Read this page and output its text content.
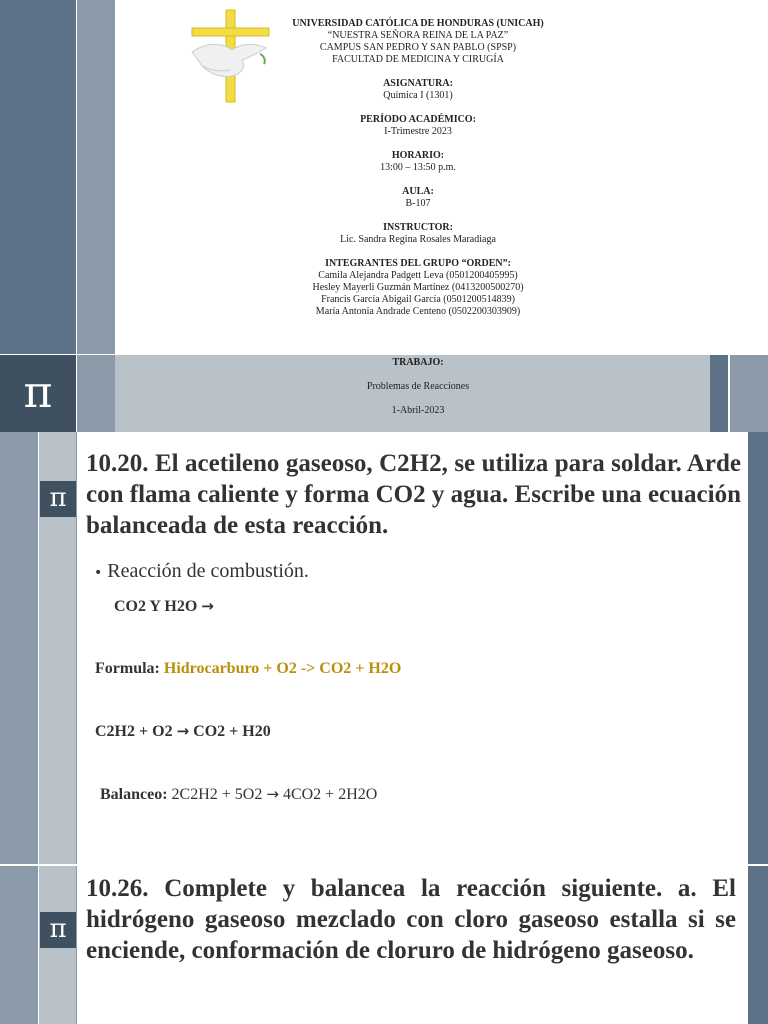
π
UNIVERSIDAD CATÓLICA DE HONDURAS (UNICAH)
“NUESTRA SEÑORA REINA DE LA PAZ”
CAMPUS SAN PEDRO Y SAN PABLO (SPSP)
FACULTAD DE MEDICINA Y CIRUGÍA
ASIGNATURA:
Química I (1301)
PERÍODO ACADÉMICO:
I-Trimestre 2023
HORARIO:
13:00 – 13:50 p.m.
AULA:
B-107
INSTRUCTOR:
Lic. Sandra Regina Rosales Maradiaga
INTEGRANTES DEL GRUPO “ORDEN”:
Camila Alejandra Padgett Leva (0501200405995)
Hesley Mayerli Guzmán Martínez (0413200500270)
Francis García Abigail García (0501200514839)
María Antonia Andrade Centeno (0502200303909)
TRABAJO:
Problemas de Reacciones
1-Abril-2023
π
10.20. El acetileno gaseoso, C2H2, se utiliza para soldar. Arde con flama caliente y forma CO2 y agua. Escribe una ecuación balanceada de esta reacción.
• Reacción de combustión.
CO2 Y H2O →
Formula: Hidrocarburo + O2 -> CO2 + H2O
C2H2 + O2 → CO2 + H20
Balanceo: 2C2H2 + 5O2 → 4CO2 + 2H2O
π
10.26. Complete y balancea la reacción siguiente. a. El hidrógeno gaseoso mezclado con cloro gaseoso estalla si se enciende, conformación de cloruro de hidrógeno gaseoso.
